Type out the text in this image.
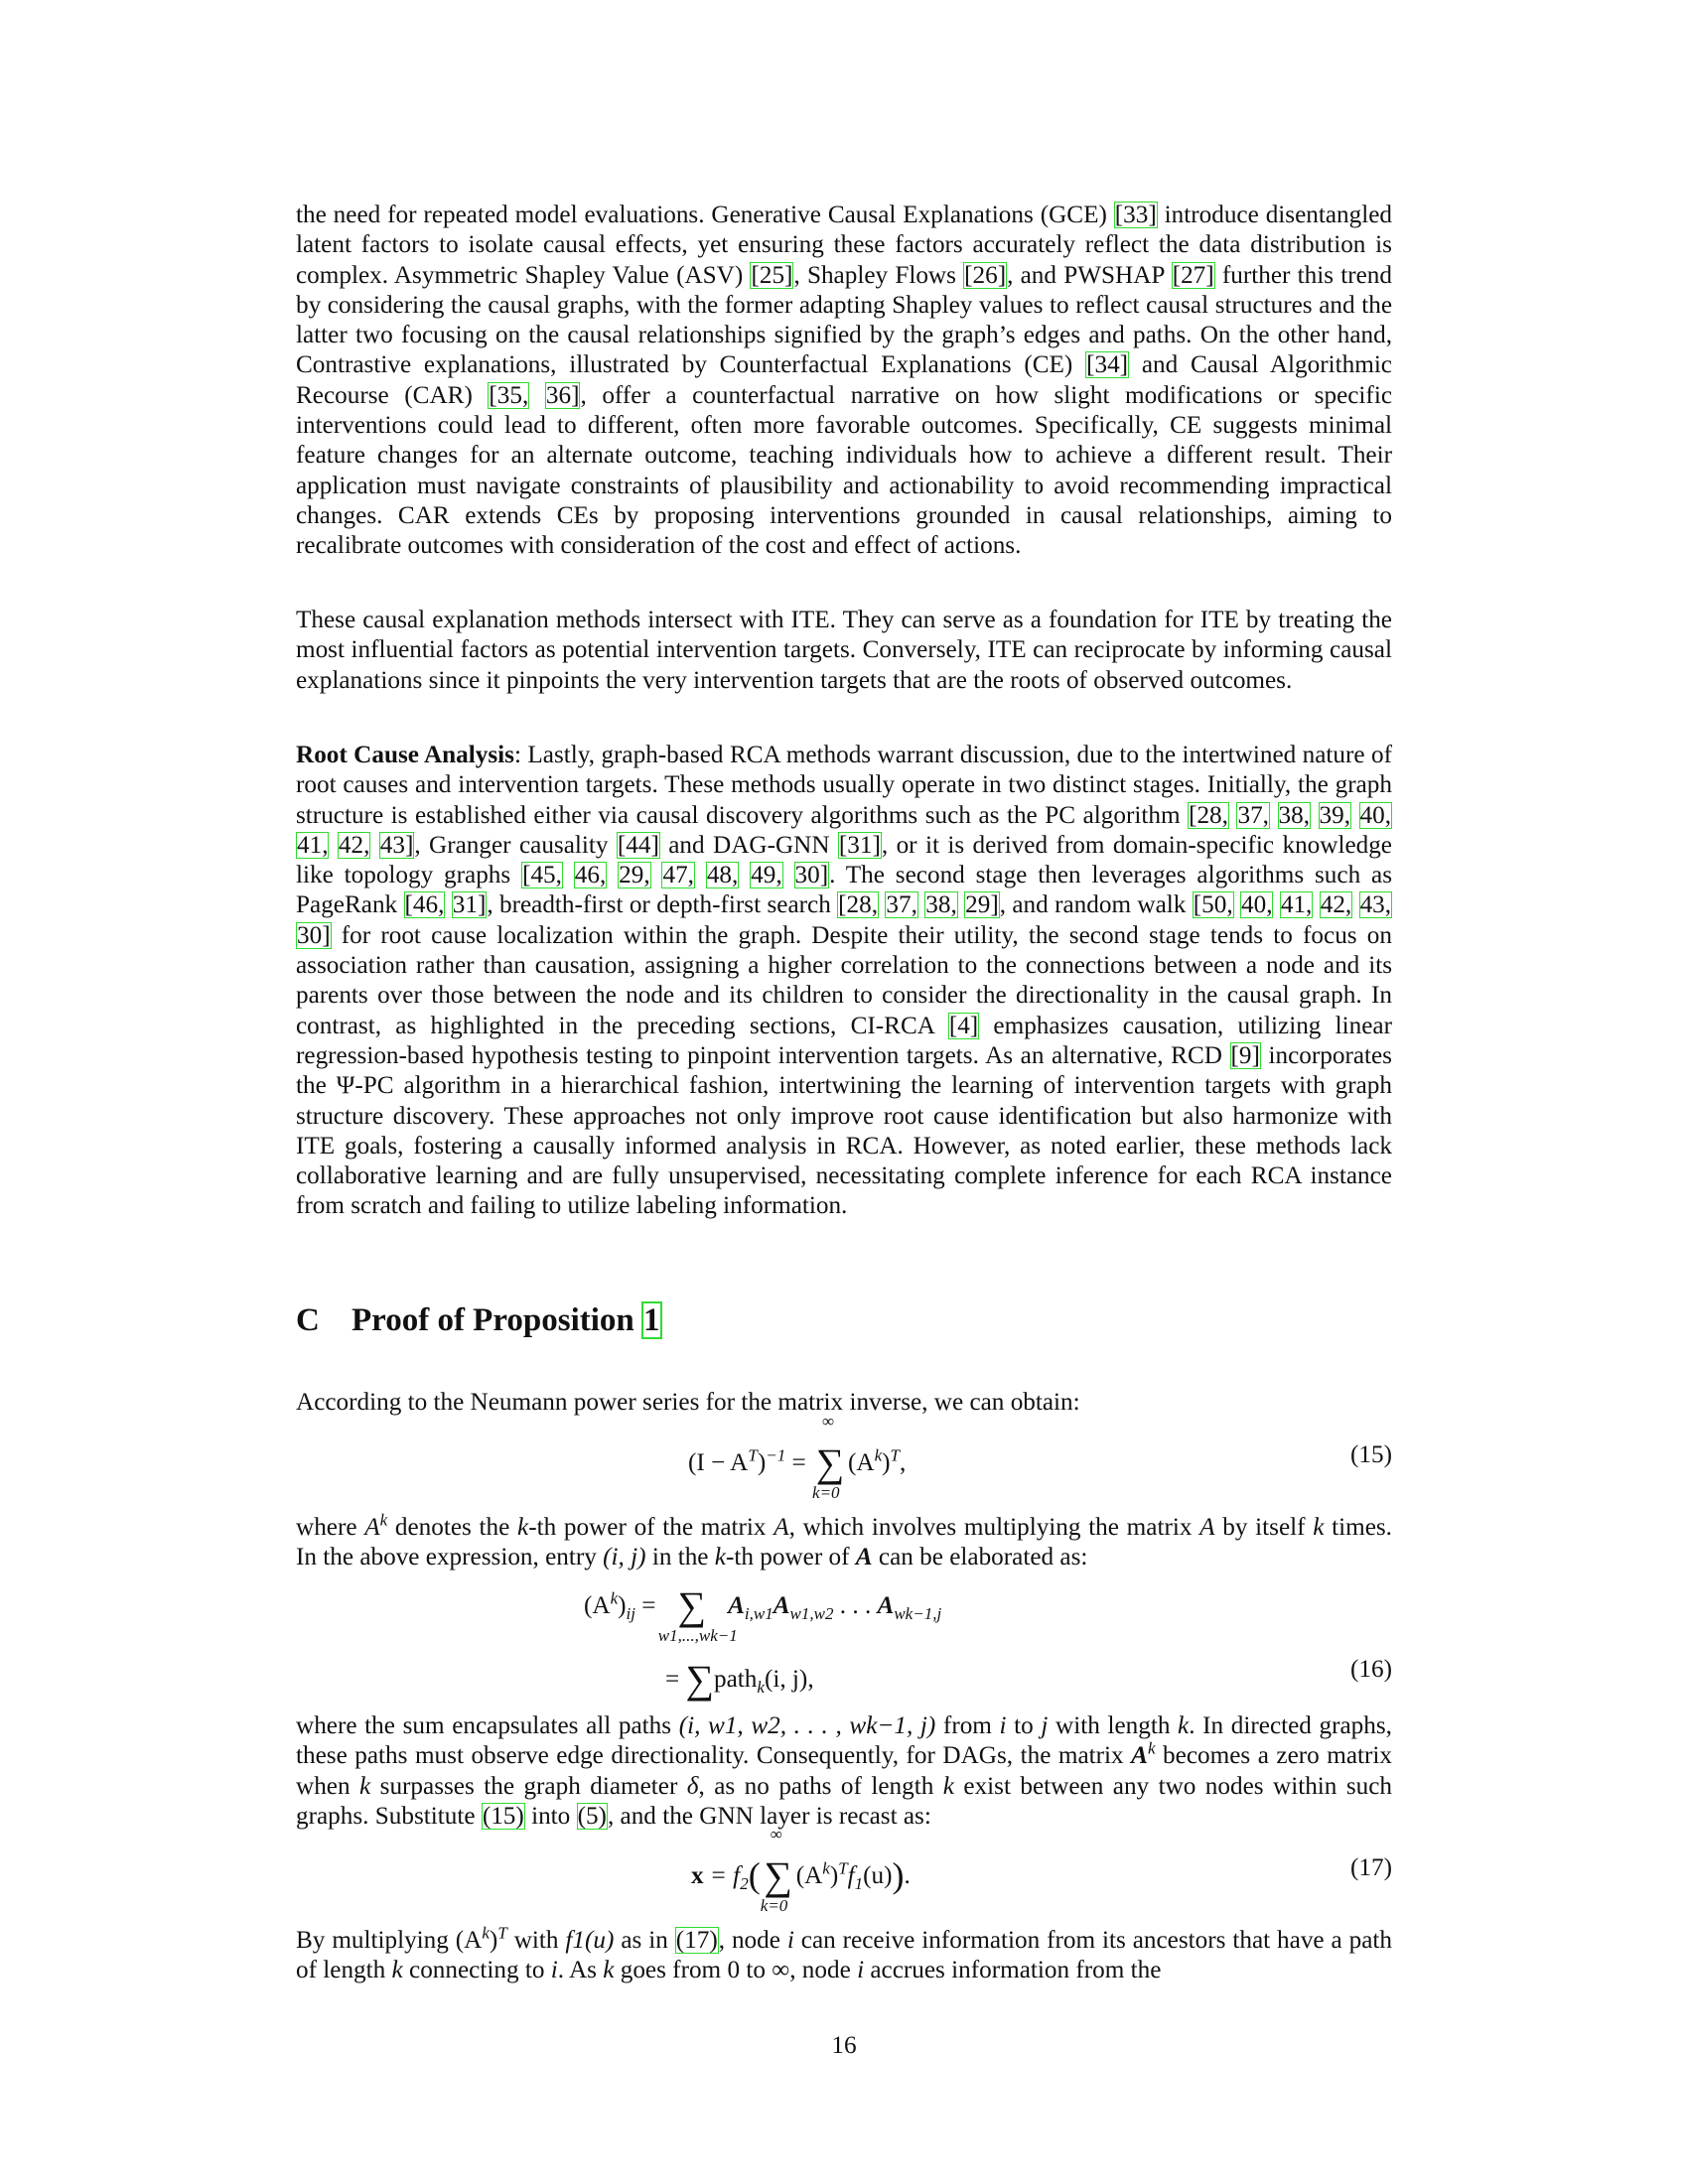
the need for repeated model evaluations. Generative Causal Explanations (GCE) [33] introduce disentangled latent factors to isolate causal effects, yet ensuring these factors accurately reflect the data distribution is complex. Asymmetric Shapley Value (ASV) [25], Shapley Flows [26], and PWSHAP [27] further this trend by considering the causal graphs, with the former adapting Shapley values to reflect causal structures and the latter two focusing on the causal relationships signified by the graph’s edges and paths. On the other hand, Contrastive explanations, illustrated by Counterfactual Explanations (CE) [34] and Causal Algorithmic Recourse (CAR) [35, 36], offer a counterfactual narrative on how slight modifications or specific interventions could lead to different, often more favorable outcomes. Specifically, CE suggests minimal feature changes for an alternate outcome, teaching individuals how to achieve a different result. Their application must navigate constraints of plausibility and actionability to avoid recommending impractical changes. CAR extends CEs by proposing interventions grounded in causal relationships, aiming to recalibrate outcomes with consideration of the cost and effect of actions.

These causal explanation methods intersect with ITE. They can serve as a foundation for ITE by treating the most influential factors as potential intervention targets. Conversely, ITE can reciprocate by informing causal explanations since it pinpoints the very intervention targets that are the roots of observed outcomes.

Root Cause Analysis: Lastly, graph-based RCA methods warrant discussion, due to the intertwined nature of root causes and intervention targets. These methods usually operate in two distinct stages. Initially, the graph structure is established either via causal discovery algorithms such as the PC algorithm [28, 37, 38, 39, 40, 41, 42, 43], Granger causality [44] and DAG-GNN [31], or it is derived from domain-specific knowledge like topology graphs [45, 46, 29, 47, 48, 49, 30]. The second stage then leverages algorithms such as PageRank [46, 31], breadth-first or depth-first search [28, 37, 38, 29], and random walk [50, 40, 41, 42, 43, 30] for root cause localization within the graph. Despite their utility, the second stage tends to focus on association rather than causation, assigning a higher correlation to the connections between a node and its parents over those between the node and its children to consider the directionality in the causal graph. In contrast, as highlighted in the preceding sections, CI-RCA [4] emphasizes causation, utilizing linear regression-based hypothesis testing to pinpoint intervention targets. As an alternative, RCD [9] incorporates the Ψ-PC algorithm in a hierarchical fashion, intertwining the learning of intervention targets with graph structure discovery. These approaches not only improve root cause identification but also harmonize with ITE goals, fostering a causally informed analysis in RCA. However, as noted earlier, these methods lack collaborative learning and are fully unsupervised, necessitating complete inference for each RCA instance from scratch and failing to utilize labeling information.

C Proof of Proposition 1

According to the Neumann power series for the matrix inverse, we can obtain:

$(I - A^T)^{-1}$ =
∞
∑
k=0
$(A^k)^T$,	(15)

where $A^k$ denotes the k-th power of the matrix A, which involves multiplying the matrix A by itself k times. In the above expression, entry (i, j) in the k-th power of A can be elaborated as:

$(A^k)_{ij}$ = ∑
w1,...,wk−1
$A_{i,w1}A_{w1,w2}$ . . . $A_{wk-1,j}$
= ∑path$_k$(i, j),	(16)

where the sum encapsulates all paths (i, w1, w2, . . . , wk−1, j) from i to j with length k. In directed graphs, these paths must observe edge directionality. Consequently, for DAGs, the matrix $A^k$ becomes a zero matrix when k surpasses the graph diameter δ, as no paths of length k exist between any two nodes within such graphs. Substitute (15) into (5), and the GNN layer is recast as:

$x = f_2$(
∞
∑
k=0
$(A^k)^Tf_1(u)$).	(17)

By multiplying $(A^k)^T$ with f1(u) as in (17), node i can receive information from its ancestors that have a path of length k connecting to i. As k goes from 0 to ∞, node i accrues information from the

16
